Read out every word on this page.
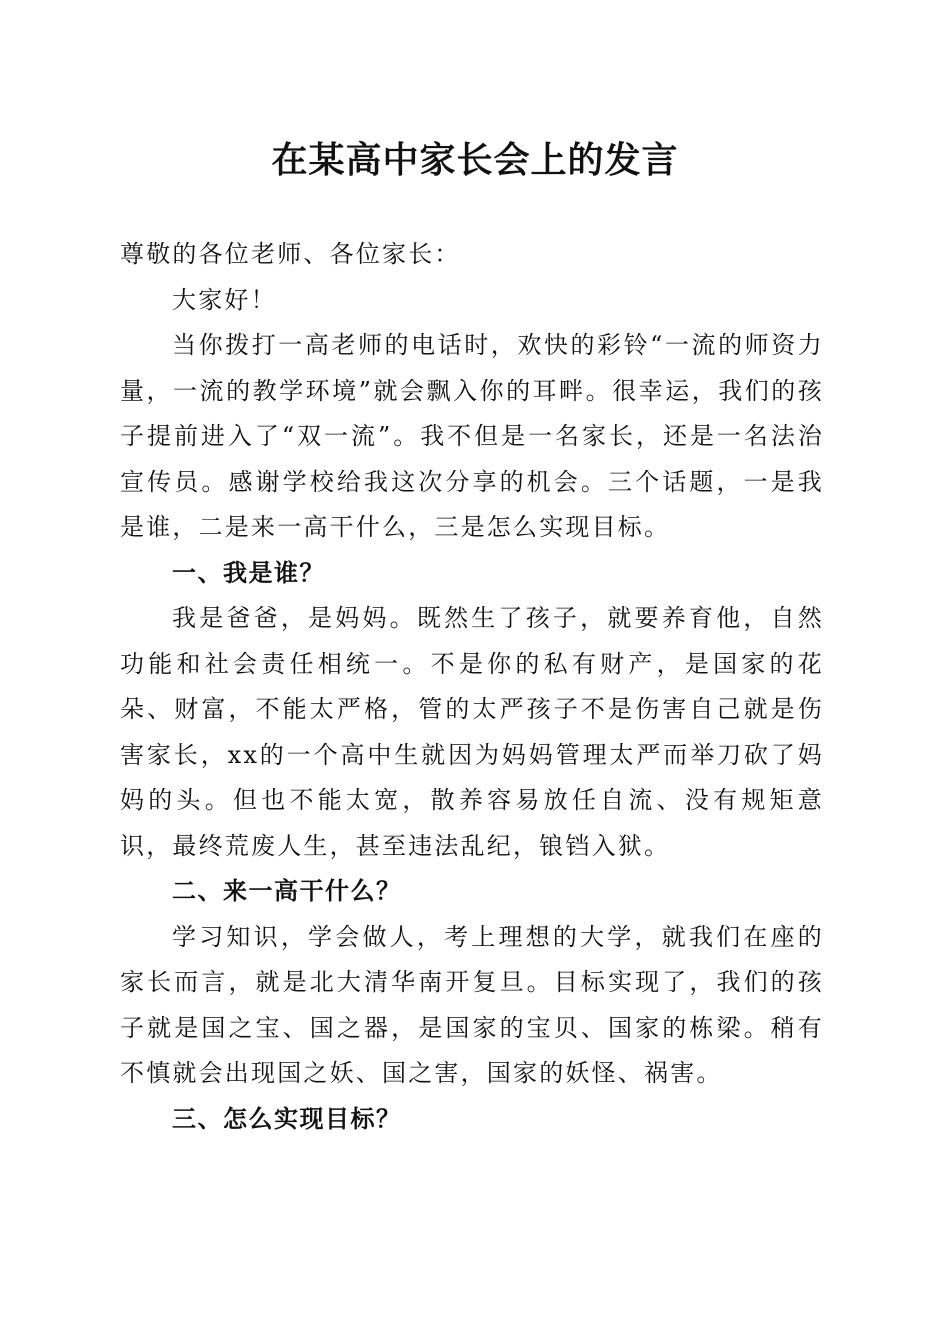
在某高中家长会上的发言

尊敬的各位老师、各位家长：

大家好！

当你拨打一高老师的电话时，欢快的彩铃“一流的师资力量，一流的教学环境”就会飘入你的耳畔。很幸运，我们的孩子提前进入了“双一流”。我不但是一名家长，还是一名法治宣传员。感谢学校给我这次分享的机会。三个话题，一是我是谁，二是来一高干什么，三是怎么实现目标。

一、我是谁？

我是爸爸，是妈妈。既然生了孩子，就要养育他，自然功能和社会责任相统一。不是你的私有财产，是国家的花朵、财富，不能太严格，管的太严孩子不是伤害自己就是伤害家长，xx的一个高中生就因为妈妈管理太严而举刀砍了妈妈的头。但也不能太宽，散养容易放任自流、没有规矩意识，最终荒废人生，甚至违法乱纪，锒铛入狱。

二、来一高干什么？

学习知识，学会做人，考上理想的大学，就我们在座的家长而言，就是北大清华南开复旦。目标实现了，我们的孩子就是国之宝、国之器，是国家的宝贝、国家的栋梁。稍有不慎就会出现国之妖、国之害，国家的妖怪、祸害。

三、怎么实现目标？
